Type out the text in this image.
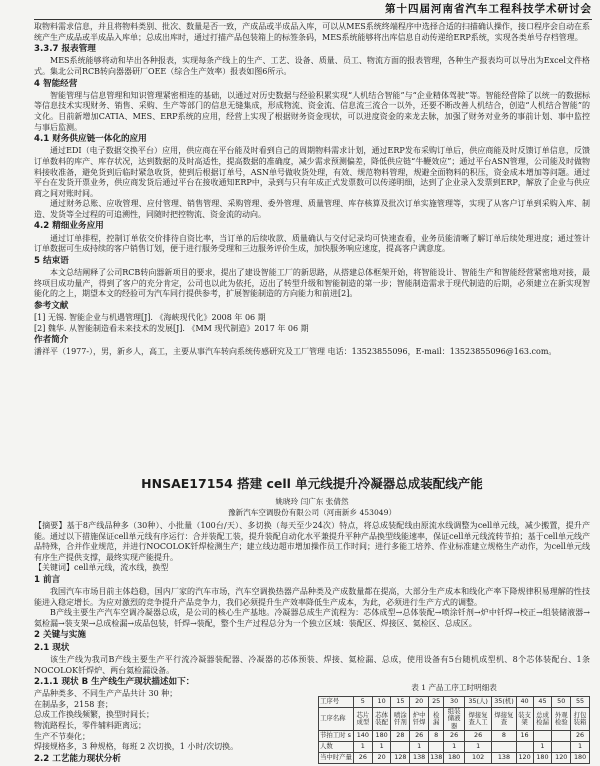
第十四届河南省汽车工程科技学术研讨会

取物料需求信息，并且将物料类别、批次、数量是否一致，产成品或半成品入库，可以从MES系统终端程序中选择合适的扫描确认操作，接口程序会自动在系统产生产成品或半成品入库单；总成出库时，通过打描产品包装箱上的标签条码，MES系统能够将出库信息自动传递给ERP系统，实现各类单号存档管理。

3.3.7 报表管理

MES系统能够将动和毕出各种报表，实现每条产线上的生产、工艺、设备、质量、员工、物流方面的报表管理，各种生产报表均可以导出为Excel文件格式。集北公司RCB转向器器研厂OEE（综合生产效率）报表如图6所示。

4 智能经营

智能管理与信息管理和知识管理紧密相连的基础，以通过对历史数据与经验积累实现“人机结合智能”与“企业精体驾驶”等。智能经营除了以统一的数据标等信息技术实现财务、销售、采购、生产等部门的信息无缝集成，形成物流、资金流、信息流三流合一以外，还要不断改善人机结合，创造“人机结合智能”的文化。目前新增加CATIA、MES、ERP系统的应用，经营上实现了根据财务资金现状，可以进度资金的来龙去脉，加强了财务对业务的事前计划、事中监控与事后监测。

4.1 财务供应链一体化的应用

通过EDI（电子数据交换平台）应用，供应商在平台能及时看到自己的周期物料需求计划，通过ERP发布采购订单后，供应商能及时反馈订单信息，反馈订单数料的库产、库存状况，达到数据的及时高适性，提高数据的准确度，减少需求预测偏差，降低供应链“牛鞭效应”；通过平台ASN管理，公司能及时做物料接收准备，避免货到后临时紧急收货，使到后根据订单号，ASN单号做收货处理，有效、规范物料管理，规避全面物料的积压，资金成本增加等问题。通过平台在发货开票业务，供应商发货后通过平台在接收通知ERP中，录到与只有年成正式发票数可以传递明细，达到了企业录入发票到ERP，解放了企业与供应商之间对账时间。

通过财务总账、应收管理、应付管理、销售管理、采购管理、委外管理、质量管理、库存核算及批次订单实施管理等，实现了从客户订单到采购入库、制造、发货等全过程的可追溯性，同随时把控物流、资金流的动向。

4.2 精细业务应用

通过订单排程，控制订单依交价排待自资比率，当订单的后续收款、质量确认与交付记录均可快速查看，业务员能清晰了解订单后续处理进度；通过签计订单数据可生成持续的客户销售订划，便于进行服务受理和三边服务评价生成，加快服务响应速度，提高客户满意度。

5 结束语

本文总结阐释了公司RCB转向器新项目的要求，提出了建设智能工厂的新思路，从搭建总体框架开始，将智能设计、智能生产和智能经营紧密地对接，最终项目成功量产，得到了客户的充分肯定，公司也以此为依托，迈出了转型升级和智能制造的第一步；智能制造需求于现代制造的后期，必须建立在新实现智能化的之上，期望本文的经验可为汽车同行提供参考，扩展智能制造的方向能力和前进[2]。

参考文献

[1] 无锡. 智能企业与机遇管理[J]. 《海峡现代化》2008 年 06 期

[2] 魏华. 从智能制造看未来技术的发展[J]. 《MM 现代制造》2017 年 06 期

作者简介

潘祥平（1977-），男，新乡人，高工，主要从事汽车转向系统传感研究及工厂管理 电话：13523855096，E-mail：13523855096@163.com。

HNSAE17154 搭建 cell 单元线提升冷凝器总成装配线产能
姚晓玲 闫广东 张倩然
豫新汽车空调股份有限公司（河南新乡 453049）

【摘要】基于8产线品种多（30种）、小批量（100台/天）、多切换（每天至少24次）特点，将总成装配线由原流水线调整为cell单元线，减少搬置，提升产能。通过以下措施保证cell单元线有序运行：合并装配工装，提升装配自动化水平兼提升平种产品换型线能速率，保证cell单元线流转节拍；基于cell单元线产品特殊，合并作业规范，并进行NOCOLOK钎焊检测生产；建立线边超市增加操作员工作时间；进行多能工培养、作业标准建立规格生产动作，为cell单元线有序生产提供支撑，最终实现产能提升。

【关键词】cell单元线，流水线，换型

1 前言

我国汽车市场目前主体趋稳，国内厂家的汽车市场，汽车空调换热器产品种类及产成数量都在提高，大部分生产成本和线化产率下降规律积易理解的性技能进入稳定增长。为应对激烈的竞争提升产品竞争力，我们必须提升生产效率降低生产成本，为此，必须进行生产方式的调整。

B产线主要生产汽车空调冷凝器总成，是公司的核心生产基地。冷凝器总成生产流程为：芯体成型→总体装配→喷涂钎剂→炉中钎焊→校正→组装储液器→氦检漏→装支架→总成检漏→成品包装，钎焊→装配，整个生产过程总分为一个独立区域：装配区、焊接区、氦检区、总成区。

2 关键与实施
2.1 现状

该生产线为我司B产线主要生产平行流冷凝器装配器、冷凝器的芯体预装、焊接、氦检漏、总成，使用设备有5台随机成型机、8个芯体装配台、1条NOCOLOK钎焊炉、两台氦检漏设备。

2.1.1 现状 B 生产线生产现状描述如下：
产品种类多、不同生产产品共计 30 种；
在制品多，2158 套；
总成工作换线频繁，换型时间长；
物流路程长，零件辅料距离远；
生产不节奏化；
焊接规格多，3 种规格，每班 2 次切换，1 小时/次切换。
2.2 工艺能力现状分析
表 1 产品工序工时明细表
工序号	5	10	15	20	25	30	35(人)	35(机)	40	45	50	55
工序名称	芯片成型	芯体装配	喷涂钎剂	炉中钎焊	检漏	组装储液器	焊接复查人工	焊接复查	装支架	总成检漏	外观检验	打包装箱
节拍工时 s	140	180	28	26	8	26	26	8	16			26
人数	1	1		1		1	1			1		1
当中时产量	26	20	128	138	138	180	102	138	120	180	120	180
